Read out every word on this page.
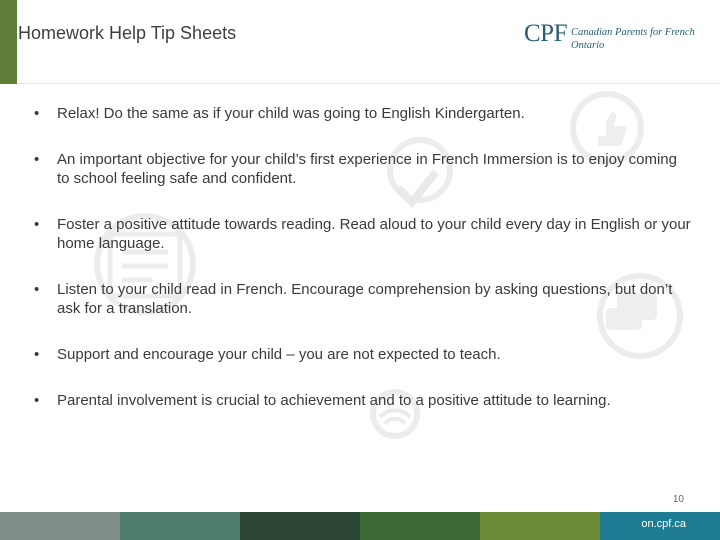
Homework Help Tip Sheets	CPF Canadian Parents for French
Ontario
• Relax! Do the same as if your child was going to English Kindergarten.
• An important objective for your child’s first experience in French Immersion is to enjoy coming to school feeling safe and confident.
• Foster a positive attitude towards reading. Read aloud to your child every day in English or your home language.
• Listen to your child read in French. Encourage comprehension by asking questions, but don’t ask for a translation.
• Support and encourage your child – you are not expected to teach.
• Parental involvement is crucial to achievement and to a positive attitude to learning.
10
on.cpf.ca
